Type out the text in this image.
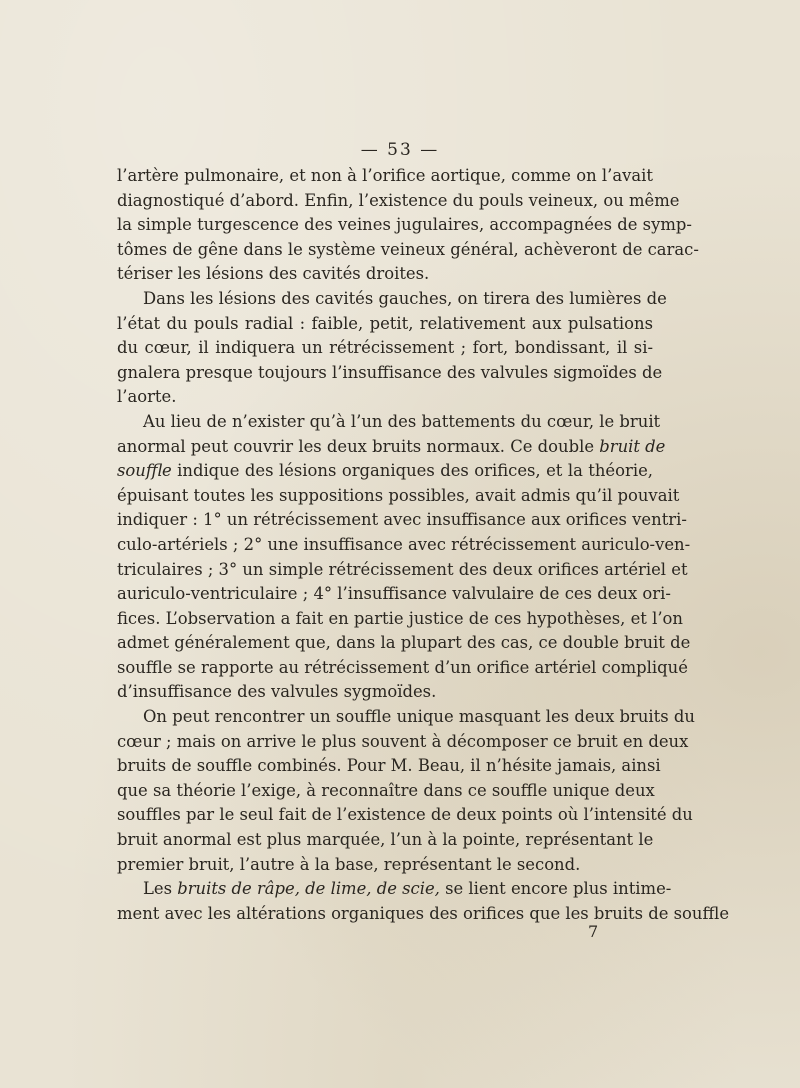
— 53 —
l’artère pulmonaire, et non à l’orifice aortique, comme on l’avait
diagnostiqué d’abord. Enfin, l’existence du pouls veineux, ou même
la simple turgescence des veines jugulaires, accompagnées de symp-
tômes de gêne dans le système veineux général, achèveront de carac-
tériser les lésions des cavités droites.
Dans les lésions des cavités gauches, on tirera des lumières de
l’état du pouls radial : faible, petit, relativement aux pulsations
du cœur, il indiquera un rétrécissement ; fort, bondissant, il si-
gnalera presque toujours l’insuffisance des valvules sigmoïdes de
l’aorte.
Au lieu de n’exister qu’à l’un des battements du cœur, le bruit
anormal peut couvrir les deux bruits normaux. Ce double bruit de
souffle indique des lésions organiques des orifices, et la théorie,
épuisant toutes les suppositions possibles, avait admis qu’il pouvait
indiquer : 1° un rétrécissement avec insuffisance aux orifices ventri-
culo-artériels ; 2° une insuffisance avec rétrécissement auriculo-ven-
triculaires ; 3° un simple rétrécissement des deux orifices artériel et
auriculo-ventriculaire ; 4° l’insuffisance valvulaire de ces deux ori-
fices. L’observation a fait en partie justice de ces hypothèses, et l’on
admet généralement que, dans la plupart des cas, ce double bruit de
souffle se rapporte au rétrécissement d’un orifice artériel compliqué
d’insuffisance des valvules sygmoïdes.
On peut rencontrer un souffle unique masquant les deux bruits du
cœur ; mais on arrive le plus souvent à décomposer ce bruit en deux
bruits de souffle combinés. Pour M. Beau, il n’hésite jamais, ainsi
que sa théorie l’exige, à reconnaître dans ce souffle unique deux
souffles par le seul fait de l’existence de deux points où l’intensité du
bruit anormal est plus marquée, l’un à la pointe, représentant le
premier bruit, l’autre à la base, représentant le second.
Les bruits de râpe, de lime, de scie, se lient encore plus intime-
ment avec les altérations organiques des orifices que les bruits de souffle
7
